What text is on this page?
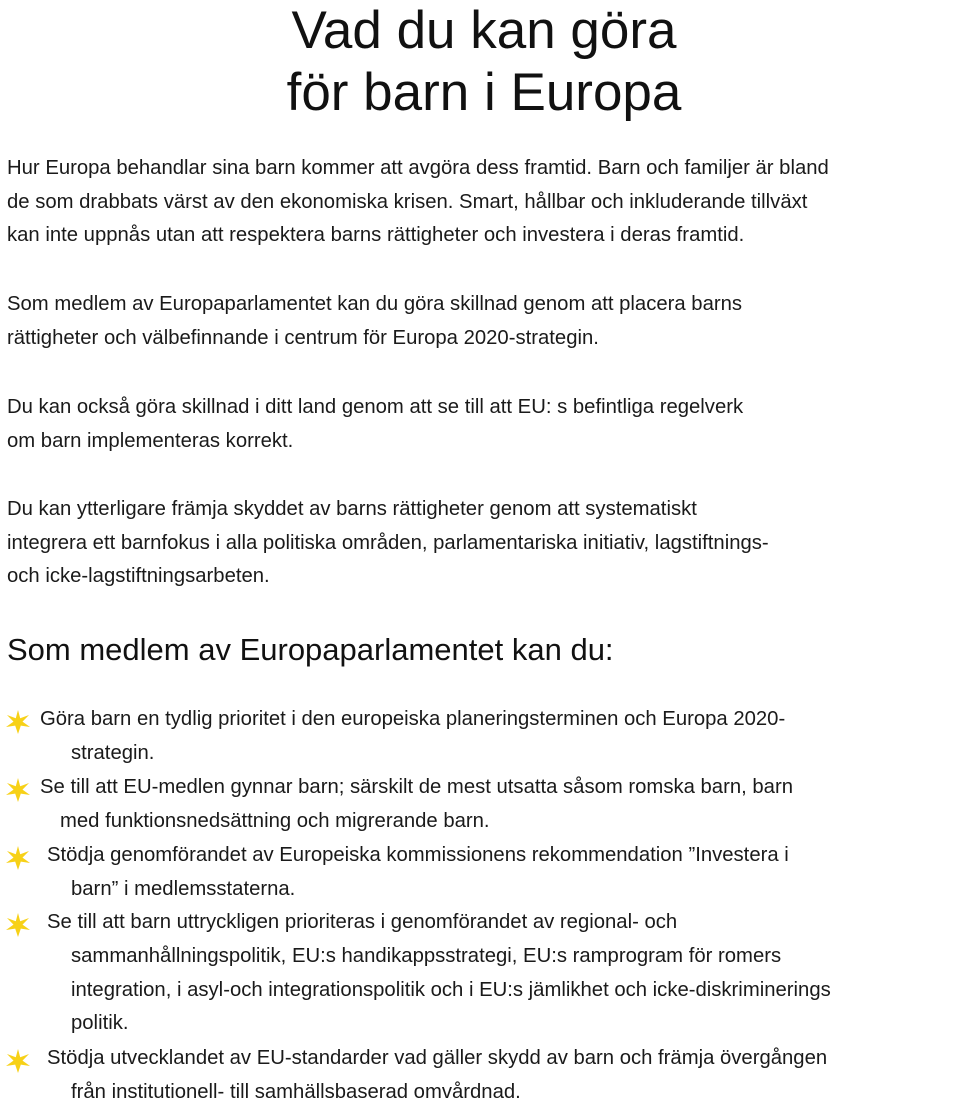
Vad du kan göra
för barn i Europa

Hur Europa behandlar sina barn kommer att avgöra dess framtid. Barn och familjer är bland
de som drabbats värst av den ekonomiska krisen. Smart, hållbar och inkluderande tillväxt
kan inte uppnås utan att respektera barns rättigheter och investera i deras framtid.

Som medlem av Europaparlamentet kan du göra skillnad genom att placera barns
rättigheter och välbefinnande i centrum för Europa 2020-strategin.

Du kan också göra skillnad i ditt land genom att se till att EU: s befintliga regelverk
om barn implementeras korrekt.

Du kan ytterligare främja skyddet av barns rättigheter genom att systematiskt
integrera ett barnfokus i alla politiska områden, parlamentariska initiativ, lagstiftnings-
och icke-lagstiftningsarbeten.

Som medlem av Europaparlamentet kan du:
Göra barn en tydlig prioritet i den europeiska planeringsterminen och Europa 2020-
strategin.
Se till att EU-medlen gynnar barn; särskilt de mest utsatta såsom romska barn, barn
med funktionsnedsättning och migrerande barn.
Stödja genomförandet av Europeiska kommissionens rekommendation ”Investera i
barn” i medlemsstaterna.
Se till att barn uttryckligen prioriteras i genomförandet av regional- och
sammanhållningspolitik, EU:s handikappsstrategi, EU:s ramprogram för romers
integration, i asyl-och integrationspolitik och i EU:s jämlikhet och icke-diskriminerings
politik.
Stödja utvecklandet av EU-standarder vad gäller skydd av barn och främja övergången
från institutionell- till samhällsbaserad omvårdnad.
